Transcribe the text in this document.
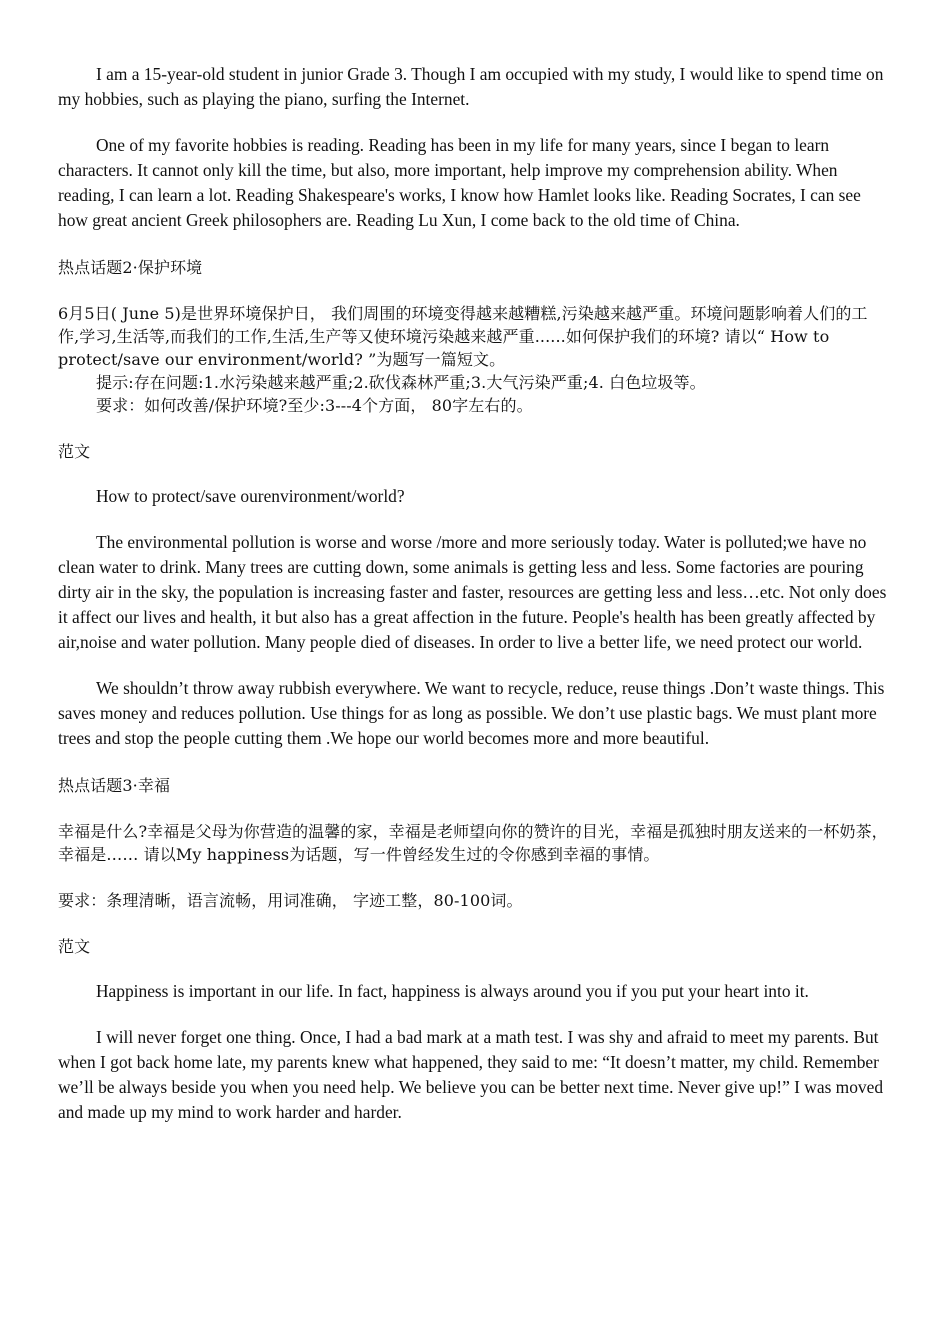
I am a 15-year-old student in junior Grade 3. Though I am occupied with my study, I would like to spend time on my hobbies, such as playing the piano, surfing the Internet.

One of my favorite hobbies is reading. Reading has been in my life for many years, since I began to learn characters. It cannot only kill the time, but also, more important, help improve my comprehension ability. When reading, I can learn a lot. Reading Shakespeare's works, I know how Hamlet looks like. Reading Socrates, I can see how great ancient Greek philosophers are. Reading Lu Xun, I come back to the old time of China.

热点话题2·保护环境

6月5日( June 5)是世界环境保护日， 我们周围的环境变得越来越糟糕,污染越来越严重。环境问题影响着人们的工作,学习,生活等,而我们的工作,生活,生产等又使环境污染越来越严重......如何保护我们的环境? 请以“ How to protect/save our environment/world? ”为题写一篇短文。

提示:存在问题:1.水污染越来越严重;2.砍伐森林严重;3.大气污染严重;4. 白色垃圾等。

要求：如何改善/保护环境?至少:3---4个方面， 80字左右的。

范文

How to protect/save ourenvironment/world?

The environmental pollution is worse and worse /more and more seriously today. Water is polluted;we have no clean water to drink. Many trees are cutting down, some animals is getting less and less. Some factories are pouring dirty air in the sky, the population is increasing faster and faster, resources are getting less and less…etc. Not only does it affect our lives and health, it but also has a great affection in the future. People's health has been greatly affected by air,noise and water pollution. Many people died of diseases. In order to live a better life, we need protect our world.

We shouldn’t throw away rubbish everywhere. We want to recycle, reduce, reuse things .Don’t waste things. This saves money and reduces pollution. Use things for as long as possible. We don’t use plastic bags. We must plant more trees and stop the people cutting them .We hope our world becomes more and more beautiful.

热点话题3·幸福

幸福是什么?幸福是父母为你营造的温馨的家，幸福是老师望向你的赞许的目光，幸福是孤独时朋友送来的一杯奶茶，幸福是…… 请以My happiness为话题，写一件曾经发生过的令你感到幸福的事情。

要求：条理清晰，语言流畅，用词准确， 字迹工整，80-100词。

范文

Happiness is important in our life. In fact, happiness is always around you if you put your heart into it.

I will never forget one thing. Once, I had a bad mark at a math test. I was shy and afraid to meet my parents. But when I got back home late, my parents knew what happened, they said to me: “It doesn’t matter, my child. Remember we’ll be always beside you when you need help. We believe you can be better next time. Never give up!” I was moved and made up my mind to work harder and harder.
